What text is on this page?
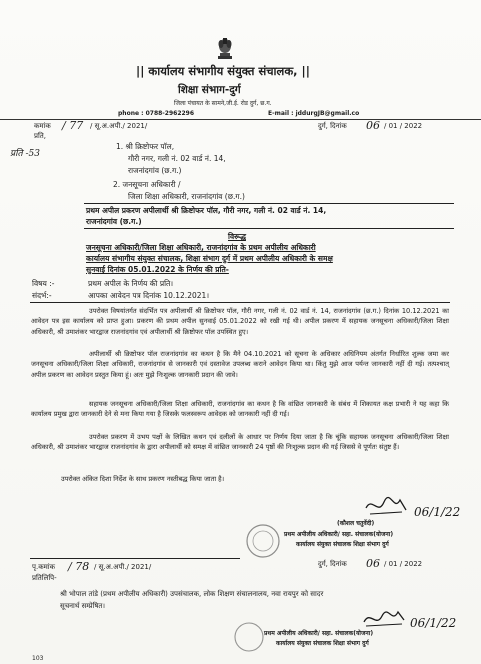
|| कार्यालय संभागीय संयुक्त संचालक, ||
शिक्षा संभाग-दुर्ग
जिला पंचायत के सामने,जी.ई. रोड दुर्ग, छ.ग.
phone : 0788-2962296	E-mail : jddurgJB@gmail.co
कमांक / 77 / सू.अ.अपी./ 2021/	दुर्ग, दिनांक 06 / 01 / 2022
प्रति,
प्रति -53
1. श्री क्रिष्टोफर पॉल,
गौरी नगर, गली नं. 02 वार्ड नं. 14,
राजनांदगांव (छ.ग.)
2. जनसूचना अधिकारी /
जिला शिक्षा अधिकारी, राजनांदगांव (छ.ग.)
प्रथम अपील प्रकरण अपीलार्थी श्री क्रिष्टोफर पॉल, गौरी नगर, गली नं. 02 वार्ड नं. 14,
राजनांदगांव (छ.ग.)
विरूद्ध
जनसूचना अधिकारी/जिला शिक्षा अधिकारी, राजनांदगांव के प्रथम अपीलीय अधिकारी
कार्यालय संभागीय संयुक्त संचालक, शिक्षा संभाग दुर्ग में प्रथम अपीलीय अधिकारी के समक्ष
सुनवाई दिनांक 05.01.2022 के निर्णय की प्रति-
विषय :-	प्रथम अपील के निर्णय की प्रति।
संदर्भ:-	आपका आवेदन पत्र दिनांक 10.12.2021।
उपरोक्त विषयांतर्गत संदर्भित पत्र अपीलार्थी श्री क्रिष्टोफर पॉल, गौरी नगर, गली नं. 02 वार्ड नं. 14, राजनांदगांव (छ.ग.) दिनांक 10.12.2021 का आवेदन पत्र इस कार्यालय को प्राप्त हुआ। प्रकरण की प्रथम अपील सुनवाई 05.01.2022 को रखी गई थी। अपील प्रकरण में सहायक जनसूचना अधिकारी/जिला शिक्षा अधिकारी, श्री उमाशंकर भारद्वाज राजनांदगांव एवं अपीलार्थी श्री क्रिष्टोफर पॉल उपस्थित हुए।
अपीलार्थी श्री क्रिष्टोफर पॉल राजनांदगांव का कथन है कि मैने 04.10.2021 को सूचना के अधिकार अधिनियम अंतर्गत निर्धारित शुल्क जमा कर जनसूचना अधिकारी/जिला शिक्षा अधिकारी, राजनांदगांव से जानकारी एवं दस्तावेज उपलब्ध कराने आवेदन किया था। किंतु मुझे आज पर्यन्त जानकारी नहीं दी गई। तत्पश्चात् अपील प्रकरण का आवेदन प्रस्तुत किया हूं। अतः मुझे निःशुल्क जानकारी प्रदान की जावे।
सहायक जनसूचना अधिकारी/जिला शिक्षा अधिकारी, राजनांदगांव का कथन है कि वांछित जानकारी के संबंध में शिकायत कक्ष प्रभारी ने यह कहा कि कार्यालय प्रमुख द्वारा जानकारी देने से मना किया गया है जिसके फलस्वरूप आवेदक को जानकारी नहीं दी गई।
उपरोक्त प्रकरण में उभय पक्षों के लिखित कथन एवं दलीलों के आधार पर निर्णय दिया जाता है कि चूंकि सहायक जनसूचना अधिकारी/जिला शिक्षा अधिकारी, श्री उमाशंकर भारद्वाज राजनांदगांव के द्वारा अपीलार्थी को समक्ष में वांछित जानकारी 24 पृष्ठों की निःशुल्क प्रदान की गई जिससे वे पूर्णतः संतुष्ट हैं।
उपरोक्त अंकित दिशा निर्देश के साथ प्रकरण नस्तीबद्ध किया जाता है।
06/1/22
(कौशल चतुर्वेदी)
प्रथम अपीलीय अधिकारी/ सहा. संचालक(योजना)
कार्यालय संयुक्त संचालक शिक्षा संभाग दुर्ग
पृ.कमांक / 78 / सू.अ.अपी./ 2021/	दुर्ग, दिनांक 06 / 01 / 2022
प्रतिलिपि-
श्री भोपाल तांडे (प्रथम अपीलीय अधिकारी) उपसंचालक, लोक शिक्षण संचालनालय, नवा रायपुर को सादर
सूचनार्थ सम्प्रेषित।
06/1/22
प्रथम अपीलीय अधिकारी/ सहा. संचालक(योजना)
कार्यालय संयुक्त संचालक शिक्षा संभाग दुर्ग
103
